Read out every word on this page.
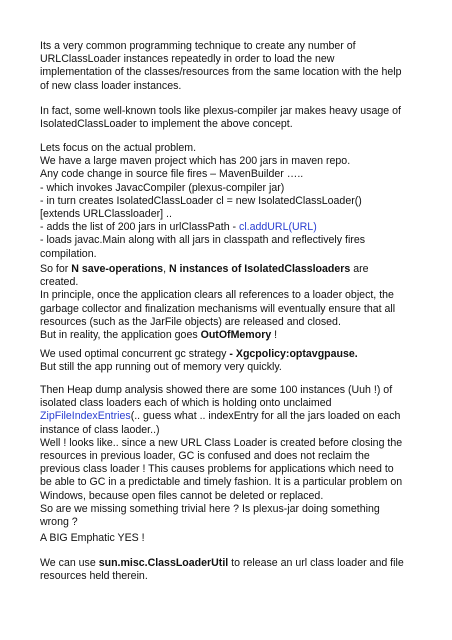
Its a very common programming technique to create any number of
URLClassLoader instances repeatedly in order to load the new
implementation of the classes/resources from the same location with the help
of new class loader instances.
In fact, some well-known tools like plexus-compiler jar makes heavy usage of
IsolatedClassLoader to implement the above concept.
Lets focus on the actual problem.
We have a large maven project which has 200 jars in maven repo.
Any code change in source file fires – MavenBuilder …..
- which invokes JavacCompiler (plexus-compiler jar)
- in turn creates IsolatedClassLoader cl = new IsolatedClassLoader()
[extends URLClassloader] ..
- adds the list of 200 jars in urlClassPath - cl.addURL(URL)
- loads javac.Main along with all jars in classpath and reflectively fires
compilation.
So for N save-operations, N instances of IsolatedClassloaders are
created.
In principle, once the application clears all references to a loader object, the
garbage collector and finalization mechanisms will eventually ensure that all
resources (such as the JarFile objects) are released and closed.
But in reality, the application goes OutOfMemory !
We used optimal concurrent gc strategy - Xgcpolicy:optavgpause.
But still the app running out of memory very quickly.
Then Heap dump analysis showed there are some 100 instances (Uuh !) of
isolated class loaders each of which is holding onto unclaimed
ZipFileIndexEntries(.. guess what .. indexEntry for all the jars loaded on each
instance of class laoder..)
Well ! looks like.. since a new URL Class Loader is created before closing the
resources in previous loader, GC is confused and does not reclaim the
previous class loader ! This causes problems for applications which need to
be able to GC in a predictable and timely fashion. It is a particular problem on
Windows, because open files cannot be deleted or replaced.
So are we missing something trivial here ? Is plexus-jar doing something
wrong ?
A BIG Emphatic YES !
We can use sun.misc.ClassLoaderUtil to release an url class loader and file
resources held therein.
